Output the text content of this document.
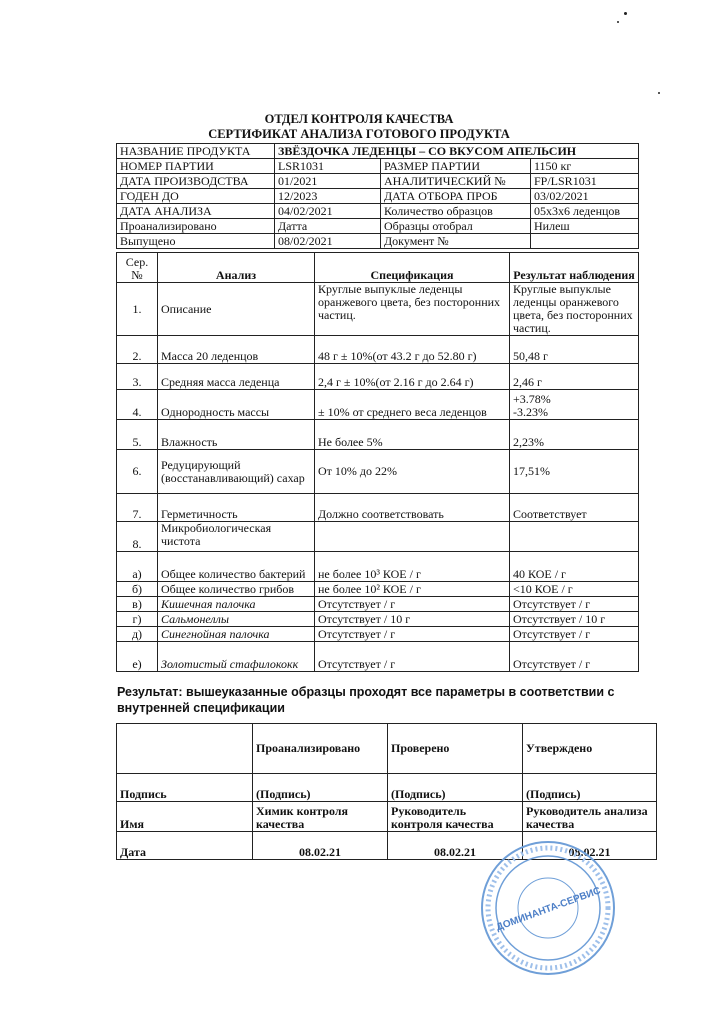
ОТДЕЛ КОНТРОЛЯ КАЧЕСТВА
СЕРТИФИКАТ АНАЛИЗА ГОТОВОГО ПРОДУКТА
НАЗВАНИЕ ПРОДУКТА	ЗВЁЗДОЧКА ЛЕДЕНЦЫ – СО ВКУСОМ АПЕЛЬСИН		
НОМЕР ПАРТИИ	LSR1031	РАЗМЕР ПАРТИИ	1150 кг
ДАТА ПРОИЗВОДСТВА	01/2021	АНАЛИТИЧЕСКИЙ №	FP/LSR1031
ГОДЕН ДО	12/2023	ДАТА ОТБОРА ПРОБ	03/02/2021
ДАТА АНАЛИЗА	04/02/2021	Количество образцов	05х3х6 леденцов
Проанализировано	Датта	Образцы отобрал	Нилеш
Выпущено	08/02/2021	Документ №	
Сер. №	Анализ	Спецификация	Результат наблюдения
1.	Описание	Круглые выпуклые леденцы оранжевого цвета, без посторонних частиц.	Круглые выпуклые леденцы оранжевого цвета, без посторонних частиц.
2.	Масса 20 леденцов	48 г ± 10%(от 43.2 г до 52.80 г)	50,48 г
3.	Средняя масса леденца	2,4 г ± 10%(от 2.16 г до 2.64 г)	2,46 г
4.	Однородность массы	± 10% от среднего веса леденцов	+3.78%
-3.23%
5.	Влажность	Не более 5%	2,23%
6.	Редуцирующий (восстанавливающий) сахар	От 10% до 22%	17,51%
7.	Герметичность	Должно соответствовать	Соответствует
8.	Микробиологическая чистота		
а)	Общее количество бактерий	не более 10³ КОЕ / г	40 КОЕ / г
б)	Общее количество грибов	не более 10² КОЕ / г	<10 КОЕ / г
в)	Кишечная палочка	Отсутствует / г	Отсутствует / г
г)	Сальмонеллы	Отсутствует / 10 г	Отсутствует / 10 г
д)	Синегнойная палочка	Отсутствует / г	Отсутствует / г
е)	Золотистый стафилококк	Отсутствует / г	Отсутствует / г
Результат: вышеуказанные образцы проходят все параметры в соответствии с внутренней спецификации
	Проанализировано	Проверено	Утверждено
Подпись	(Подпись)	(Подпись)	(Подпись)
Имя	Химик контроля качества	Руководитель контроля качества	Руководитель анализа качества
Дата	08.02.21	08.02.21	08.02.21
ДОМИНАНТА-СЕРВИС
